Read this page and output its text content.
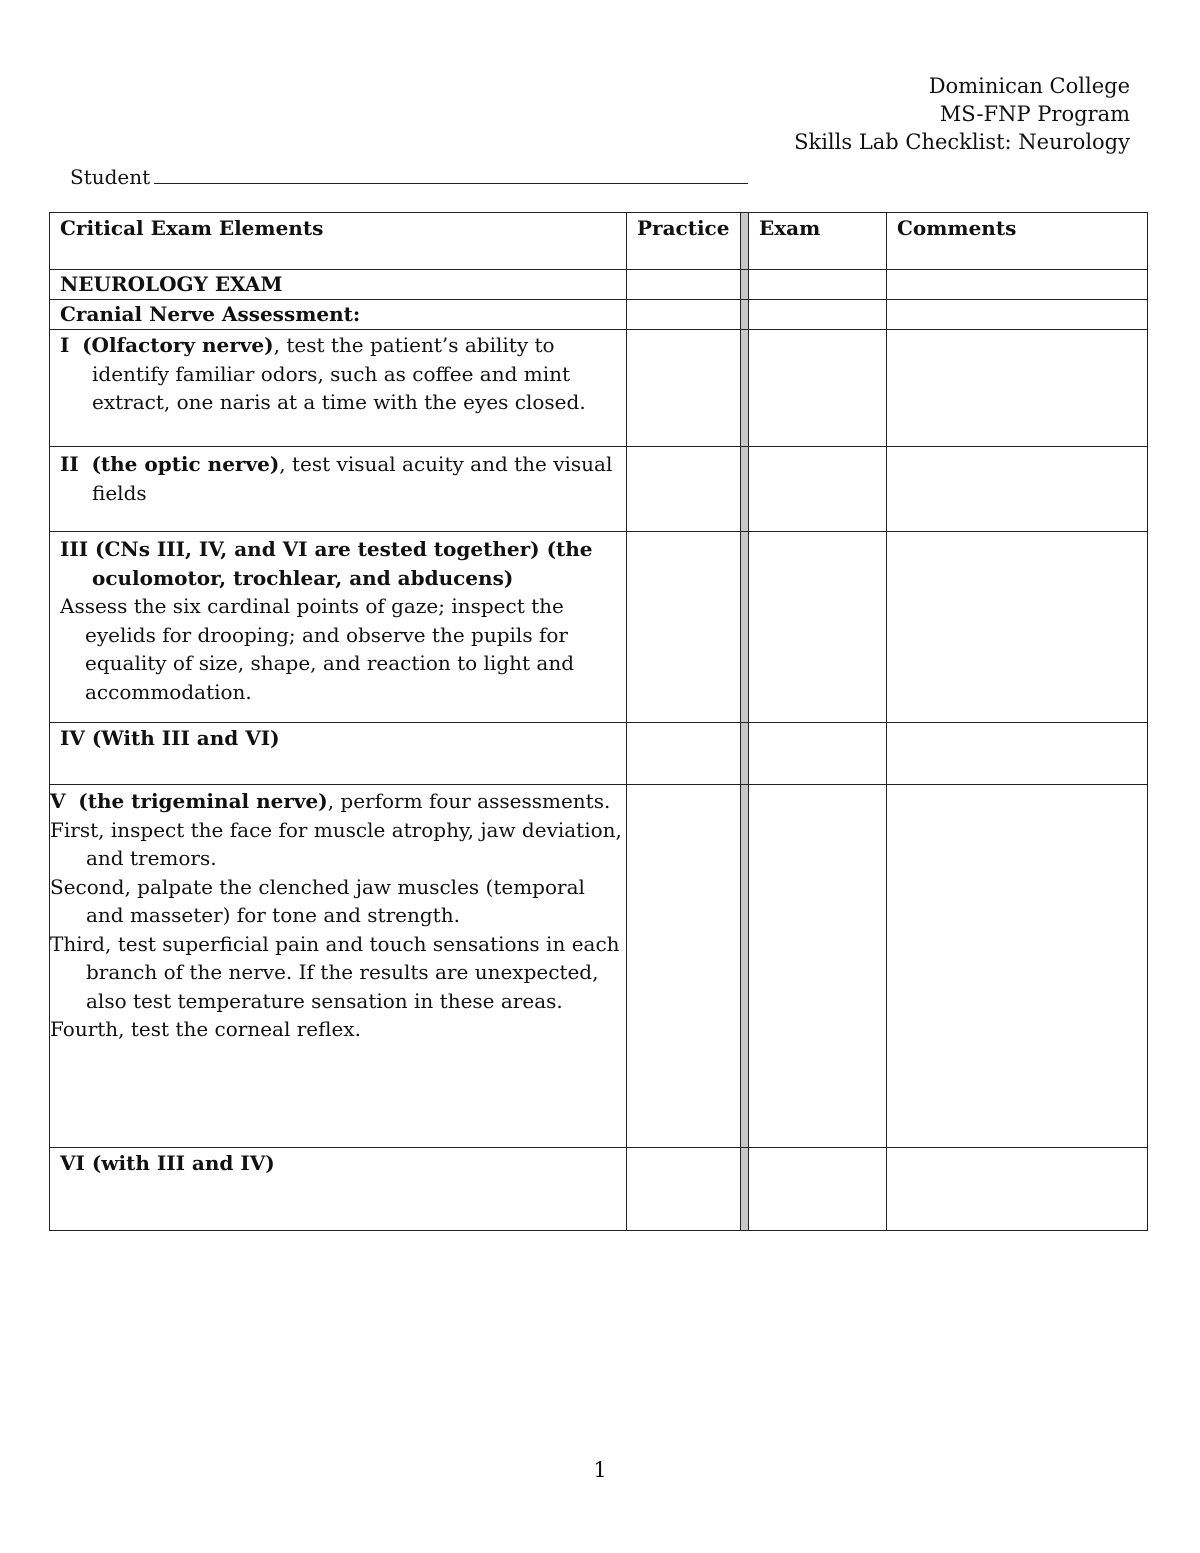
Dominican College
MS-FNP Program
Skills Lab Checklist: Neurology
Student
Critical Exam Elements	Practice	Exam	Comments
NEUROLOGY EXAM
Cranial Nerve Assessment:
I (Olfactory nerve), test the patient’s ability to identify familiar odors, such as coffee and mint extract, one naris at a time with the eyes closed.
II (the optic nerve), test visual acuity and the visual fields

III (CNs III, IV, and VI are tested together) (the oculomotor, trochlear, and abducens)

Assess the six cardinal points of gaze; inspect the eyelids for drooping; and observe the pupils for equality of size, shape, and reaction to light and accommodation.

IV (With III and VI)

V (the trigeminal nerve), perform four assessments.

First, inspect the face for muscle atrophy, jaw deviation, and tremors.

Second, palpate the clenched jaw muscles (temporal and masseter) for tone and strength.

Third, test superficial pain and touch sensations in each branch of the nerve. If the results are unexpected, also test temperature sensation in these areas.

Fourth, test the corneal reflex.

VI (with III and IV)
1
